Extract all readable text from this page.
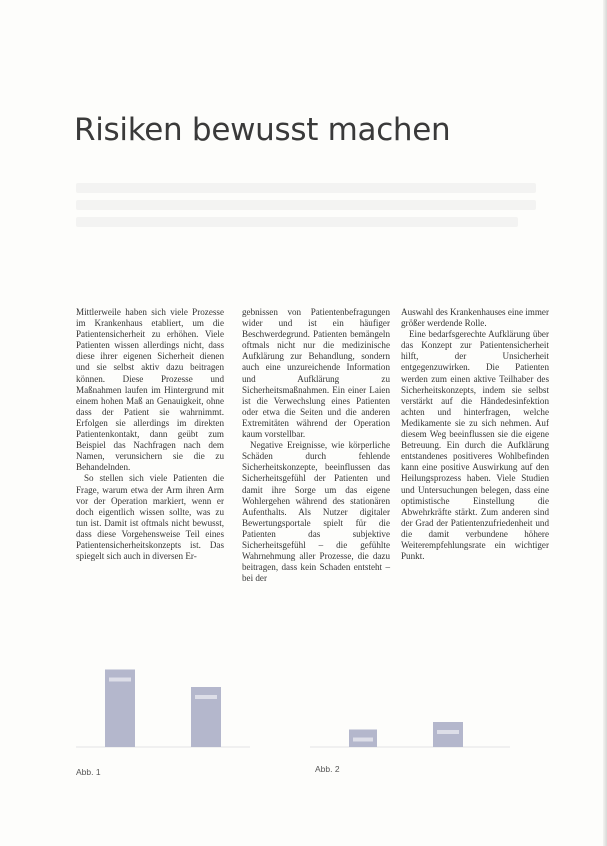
Risiken bewusst machen

Mittlerweile haben sich viele Prozesse im Krankenhaus etabliert, um die Patientensicherheit zu erhöhen. Viele Patienten wissen allerdings nicht, dass diese ihrer eigenen Sicherheit dienen und sie selbst aktiv dazu beitragen können. Diese Prozesse und Maßnahmen laufen im Hintergrund mit einem hohen Maß an Genauigkeit, ohne dass der Patient sie wahrnimmt. Erfolgen sie allerdings im direkten Patientenkontakt, dann geübt zum Beispiel das Nachfragen nach dem Namen, verunsichern sie die zu Behandelnden.

So stellen sich viele Patienten die Frage, warum etwa der Arm ihren Arm vor der Operation markiert, wenn er doch eigentlich wissen sollte, was zu tun ist. Damit ist oftmals nicht bewusst, dass diese Vorgehensweise Teil eines Patientensicherheitskonzepts ist. Das spiegelt sich auch in diversen Er-

gebnissen von Patientenbefragungen wider und ist ein häufiger Beschwerdegrund. Patienten bemängeln oftmals nicht nur die medizinische Aufklärung zur Behandlung, sondern auch eine unzureichende Information und Aufklärung zu Sicherheitsmaßnahmen. Ein einer Laien ist die Verwechslung eines Patienten oder etwa die Seiten und die anderen Extremitäten während der Operation kaum vorstellbar.

Negative Ereignisse, wie körperliche Schäden durch fehlende Sicherheitskonzepte, beeinflussen das Sicherheitsgefühl der Patienten und damit ihre Sorge um das eigene Wohlergehen während des stationären Aufenthalts. Als Nutzer digitaler Bewertungsportale spielt für die Patienten das subjektive Sicherheitsgefühl – die gefühlte Wahrnehmung aller Prozesse, die dazu beitragen, dass kein Schaden entsteht – bei der

Auswahl des Krankenhauses eine immer größer werdende Rolle.

Eine bedarfsgerechte Aufklärung über das Konzept zur Patientensicherheit hilft, der Unsicherheit entgegenzuwirken. Die Patienten werden zum einen aktive Teilhaber des Sicherheitskonzepts, indem sie selbst verstärkt auf die Händedesinfektion achten und hinterfragen, welche Medikamente sie zu sich nehmen. Auf diesem Weg beeinflussen sie die eigene Betreuung. Ein durch die Aufklärung entstandenes positiveres Wohlbefinden kann eine positive Auswirkung auf den Heilungsprozess haben. Viele Studien und Untersuchungen belegen, dass eine optimistische Einstellung die Abwehrkräfte stärkt. Zum anderen sind der Grad der Patientenzufriedenheit und die damit verbundene höhere Weiterempfehlungsrate ein wichtiger Punkt.

Abb. 1	Abb. 2
